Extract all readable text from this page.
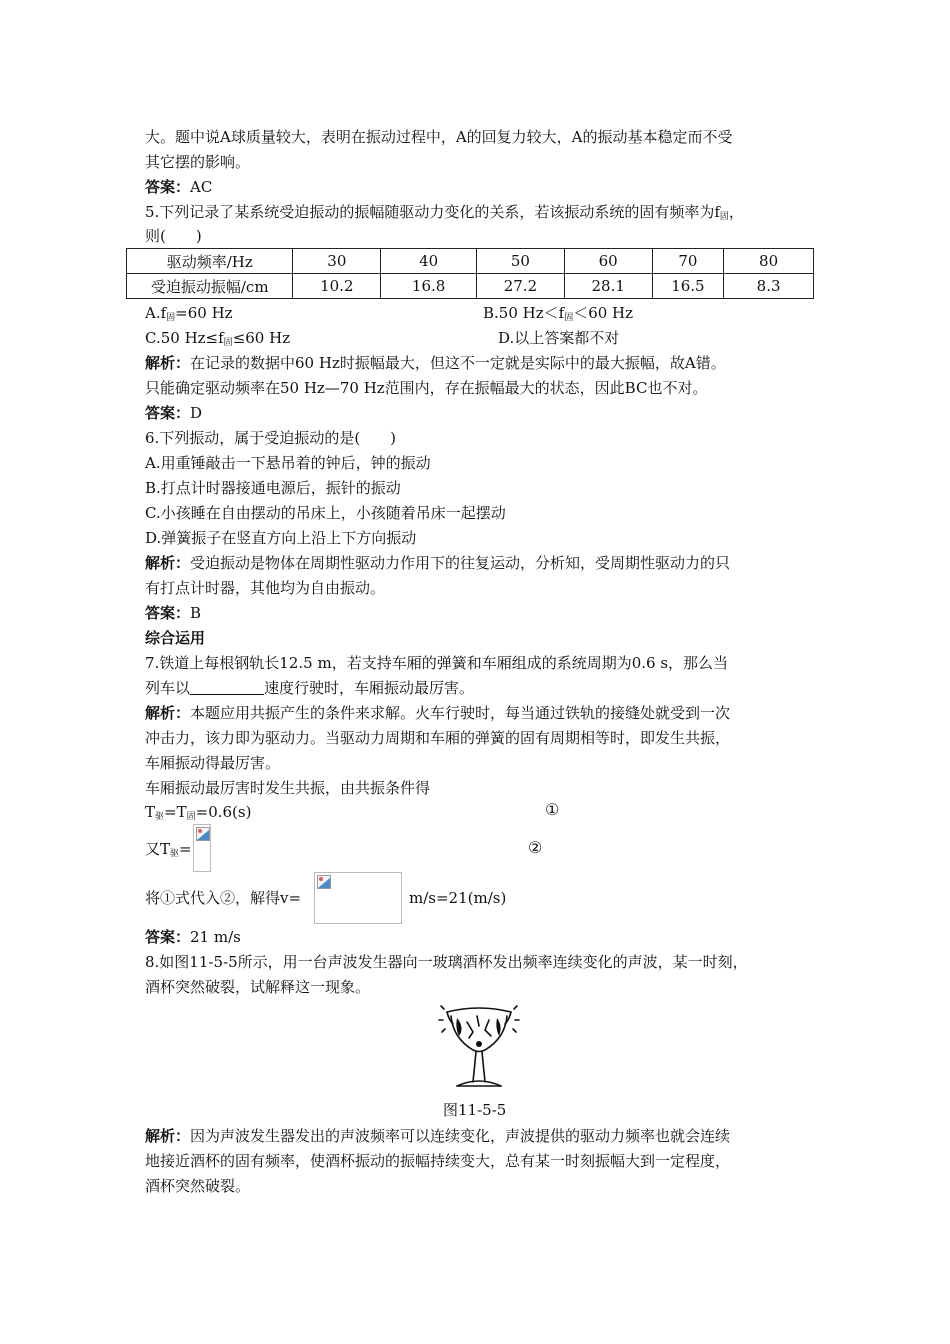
大。题中说A球质量较大，表明在振动过程中，A的回复力较大，A的振动基本稳定而不受
其它摆的影响。
答案：AC
5.下列记录了某系统受迫振动的振幅随驱动力变化的关系，若该振动系统的固有频率为$f_固$，
则(　　)
驱动频率/Hz	30	40	50	60	70	80
受迫振动振幅/cm	10.2	16.8	27.2	28.1	16.5	8.3
$A.f_固=60$ Hz	B.50 $Hz<f_固<60$ Hz
C.50 $Hz\le f_固\le 60$ Hz	D.以上答案都不对
解析：在记录的数据中60 Hz时振幅最大，但这不一定就是实际中的最大振幅，故A错。
只能确定驱动频率在50 Hz—70 Hz范围内，存在振幅最大的状态，因此BC也不对。
答案：D
6.下列振动，属于受迫振动的是(　　)
A.用重锤敲击一下悬吊着的钟后，钟的振动
B.打点计时器接通电源后，振针的振动
C.小孩睡在自由摆动的吊床上，小孩随着吊床一起摆动
D.弹簧振子在竖直方向上沿上下方向振动
解析：受迫振动是物体在周期性驱动力作用下的往复运动，分析知，受周期性驱动力的只
有打点计时器，其他均为自由振动。
答案：B
综合运用
7.铁道上每根钢轨长12.5 m，若支持车厢的弹簧和车厢组成的系统周期为0.6 s，那么当
列车以	速度行驶时，车厢振动最厉害。
解析：本题应用共振产生的条件来求解。火车行驶时，每当通过铁轨的接缝处就受到一次
冲击力，该力即为驱动力。当驱动力周期和车厢的弹簧的固有周期相等时，即发生共振，
车厢振动得最厉害。
车厢振动最厉害时发生共振，由共振条件得
$T_驱=T_固=0.6(s)$	①
又$T_驱=$	②
将①式代入②，解得v=	m/s=21(m/s)
答案：21 m/s
8.如图11-5-5所示，用一台声波发生器向一玻璃酒杯发出频率连续变化的声波，某一时刻，
酒杯突然破裂，试解释这一现象。
图11-5-5
解析：因为声波发生器发出的声波频率可以连续变化，声波提供的驱动力频率也就会连续
地接近酒杯的固有频率，使酒杯振动的振幅持续变大，总有某一时刻振幅大到一定程度，
酒杯突然破裂。
